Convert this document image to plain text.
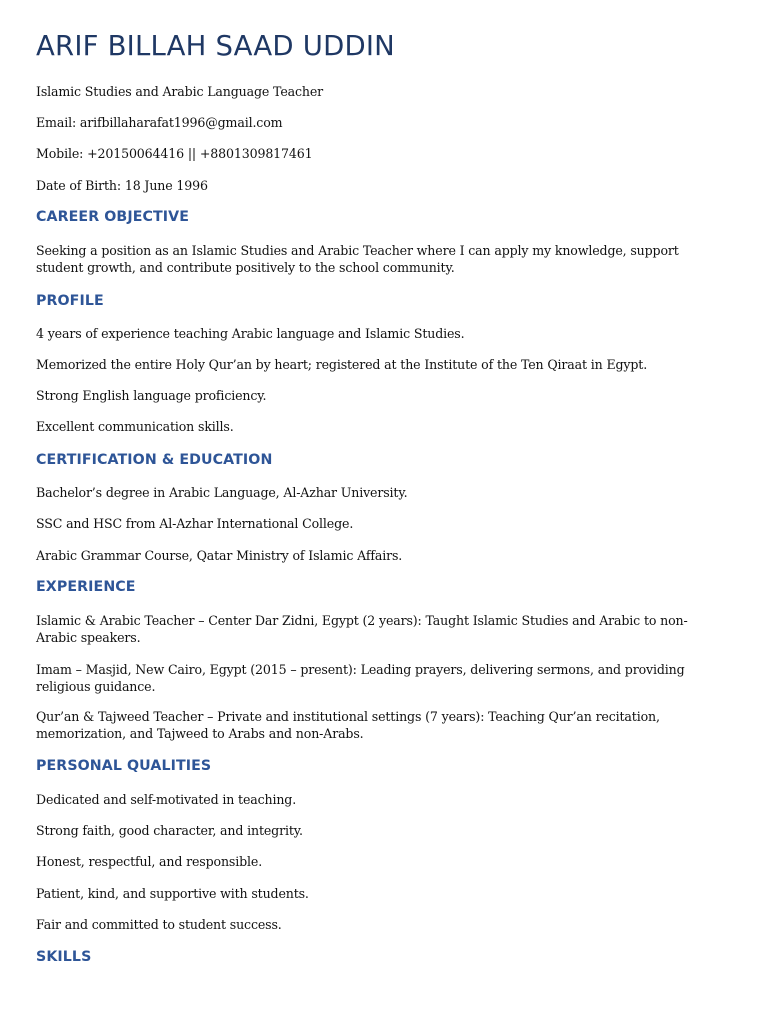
ARIF BILLAH SAAD UDDIN

Islamic Studies and Arabic Language Teacher

Email: arifbillaharafat1996@gmail.com

Mobile: +20150064416 || +8801309817461

Date of Birth: 18 June 1996

CAREER OBJECTIVE

Seeking a position as an Islamic Studies and Arabic Teacher where I can apply my knowledge, support student growth, and contribute positively to the school community.

PROFILE

4 years of experience teaching Arabic language and Islamic Studies.

Memorized the entire Holy Qur’an by heart; registered at the Institute of the Ten Qiraat in Egypt.

Strong English language proficiency.

Excellent communication skills.

CERTIFICATION & EDUCATION

Bachelor’s degree in Arabic Language, Al-Azhar University.

SSC and HSC from Al-Azhar International College.

Arabic Grammar Course, Qatar Ministry of Islamic Affairs.

EXPERIENCE

Islamic & Arabic Teacher – Center Dar Zidni, Egypt (2 years): Taught Islamic Studies and Arabic to non-Arabic speakers.

Imam – Masjid, New Cairo, Egypt (2015 – present): Leading prayers, delivering sermons, and providing religious guidance.

Qur’an & Tajweed Teacher – Private and institutional settings (7 years): Teaching Qur’an recitation, memorization, and Tajweed to Arabs and non-Arabs.

PERSONAL QUALITIES

Dedicated and self-motivated in teaching.

Strong faith, good character, and integrity.

Honest, respectful, and responsible.

Patient, kind, and supportive with students.

Fair and committed to student success.

SKILLS
